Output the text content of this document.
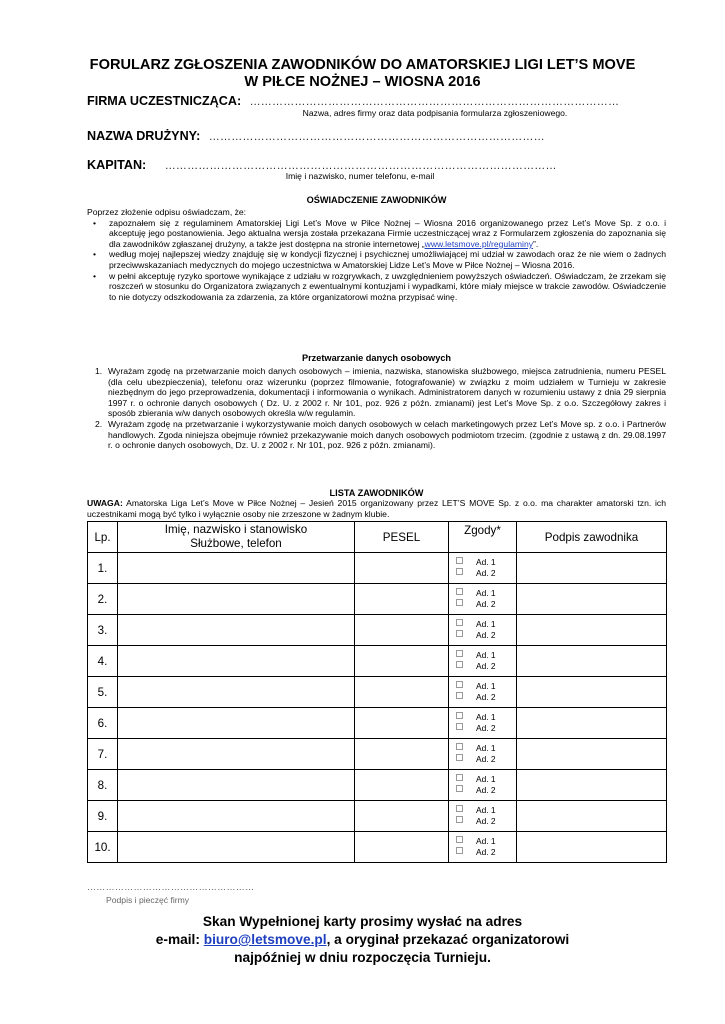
FORULARZ ZGŁOSZENIA ZAWODNIKÓW DO AMATORSKIEJ LIGI LET’S MOVE
W PIŁCE NOŻNEJ – WIOSNA 2016
FIRMA UCZESTNICZĄCA: ………………………………………………………………………………………
Nazwa, adres firmy oraz data podpisania formularza zgłoszeniowego.
NAZWA DRUŻYNY: ………………………………………………………………………………
KAPITAN: ……………………………………………………………………………………………
Imię i nazwisko, numer telefonu, e-mail
OŚWIADCZENIE ZAWODNIKÓW
Poprzez złożenie odpisu oświadczam, że:
• zapoznałem się z regulaminem Amatorskiej Ligi Let’s Move w Piłce Nożnej – Wiosna 2016 organizowanego przez Let’s Move Sp. z o.o. i akceptuję jego postanowienia. Jego aktualna wersja została przekazana Firmie uczestniczącej wraz z Formularzem zgłoszenia do zapoznania się dla zawodników zgłaszanej drużyny, a także jest dostępna na stronie internetowej „www.letsmove.pl/regulaminy”.
• według mojej najlepszej wiedzy znajduję się w kondycji fizycznej i psychicznej umożliwiającej mi udział w zawodach oraz że nie wiem o żadnych przeciwwskazaniach medycznych do mojego uczestnictwa w Amatorskiej Lidze Let’s Move w Piłce Nożnej – Wiosna 2016.
• w pełni akceptuję ryzyko sportowe wynikające z udziału w rozgrywkach, z uwzględnieniem powyższych oświadczeń. Oświadczam, że zrzekam się roszczeń w stosunku do Organizatora związanych z ewentualnymi kontuzjami i wypadkami, które miały miejsce w trakcie zawodów. Oświadczenie to nie dotyczy odszkodowania za zdarzenia, za które organizatorowi można przypisać winę.
Przetwarzanie danych osobowych
1. Wyrażam zgodę na przetwarzanie moich danych osobowych – imienia, nazwiska, stanowiska służbowego, miejsca zatrudnienia, numeru PESEL (dla celu ubezpieczenia), telefonu oraz wizerunku (poprzez filmowanie, fotografowanie) w związku z moim udziałem w Turnieju w zakresie niezbędnym do jego przeprowadzenia, dokumentacji i informowania o wynikach. Administratorem danych w rozumieniu ustawy z dnia 29 sierpnia 1997 r. o ochronie danych osobowych ( Dz. U. z 2002 r. Nr 101, poz. 926 z późn. zmianami) jest Let’s Move Sp. z o.o. Szczegółowy zakres i sposób zbierania w/w danych osobowych określa w/w regulamin.
2. Wyrażam zgodę na przetwarzanie i wykorzystywanie moich danych osobowych w celach marketingowych przez Let’s Move sp. z o.o. i Partnerów handlowych. Zgoda niniejsza obejmuje również przekazywanie moich danych osobowych podmiotom trzecim. (zgodnie z ustawą z dn. 29.08.1997 r. o ochronie danych osobowych, Dz. U. z 2002 r. Nr 101, poz. 926 z późn. zmianami).
LISTA ZAWODNIKÓW
UWAGA: Amatorska Liga Let’s Move w Piłce Nożnej – Jesień 2015 organizowany przez LET’S MOVE Sp. z o.o. ma charakter amatorski tzn. ich uczestnikami mogą być tylko i wyłącznie osoby nie zrzeszone w żadnym klubie.
Lp.	Imię, nazwisko i stanowisko
Służbowe, telefon	PESEL	Zgody*	Podpis zawodnika
1.			Ad. 1
Ad. 2	

2.			Ad. 1
Ad. 2	

3.			Ad. 1
Ad. 2	

4.			Ad. 1
Ad. 2	

5.			Ad. 1
Ad. 2	

6.			Ad. 1
Ad. 2	

7.			Ad. 1
Ad. 2	

8.			Ad. 1
Ad. 2	

9.			Ad. 1
Ad. 2	

10.			Ad. 1
Ad. 2	

………………………………………………
Podpis i pieczęć firmy
Skan Wypełnionej karty prosimy wysłać na adres
e-mail: biuro@letsmove.pl, a oryginał przekazać organizatorowi
najpóźniej w dniu rozpoczęcia Turnieju.
